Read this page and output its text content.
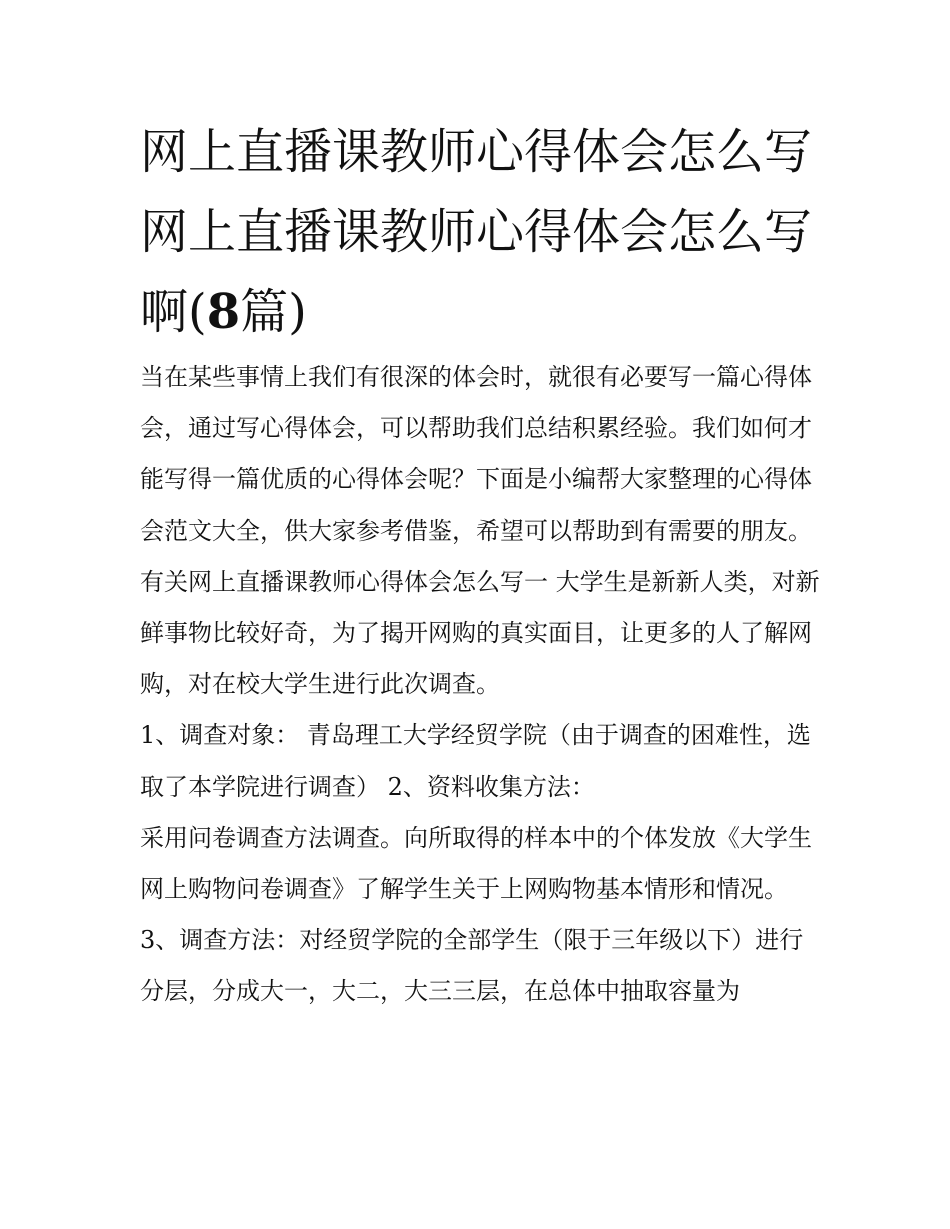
网上直播课教师心得体会怎么写 网上直播课教师心得体会怎么写啊(8篇)

当在某些事情上我们有很深的体会时，就很有必要写一篇心得体会，通过写心得体会，可以帮助我们总结积累经验。我们如何才能写得一篇优质的心得体会呢？下面是小编帮大家整理的心得体会范文大全，供大家参考借鉴，希望可以帮助到有需要的朋友。

有关网上直播课教师心得体会怎么写一 大学生是新新人类，对新鲜事物比较好奇，为了揭开网购的真实面目，让更多的人了解网购，对在校大学生进行此次调查。

1、调查对象： 青岛理工大学经贸学院（由于调查的困难性，选取了本学院进行调查） 2、资料收集方法：

采用问卷调查方法调查。向所取得的样本中的个体发放《大学生网上购物问卷调查》了解学生关于上网购物基本情形和情况。

3、调查方法：对经贸学院的全部学生（限于三年级以下）进行分层，分成大一，大二，大三三层，在总体中抽取容量为
